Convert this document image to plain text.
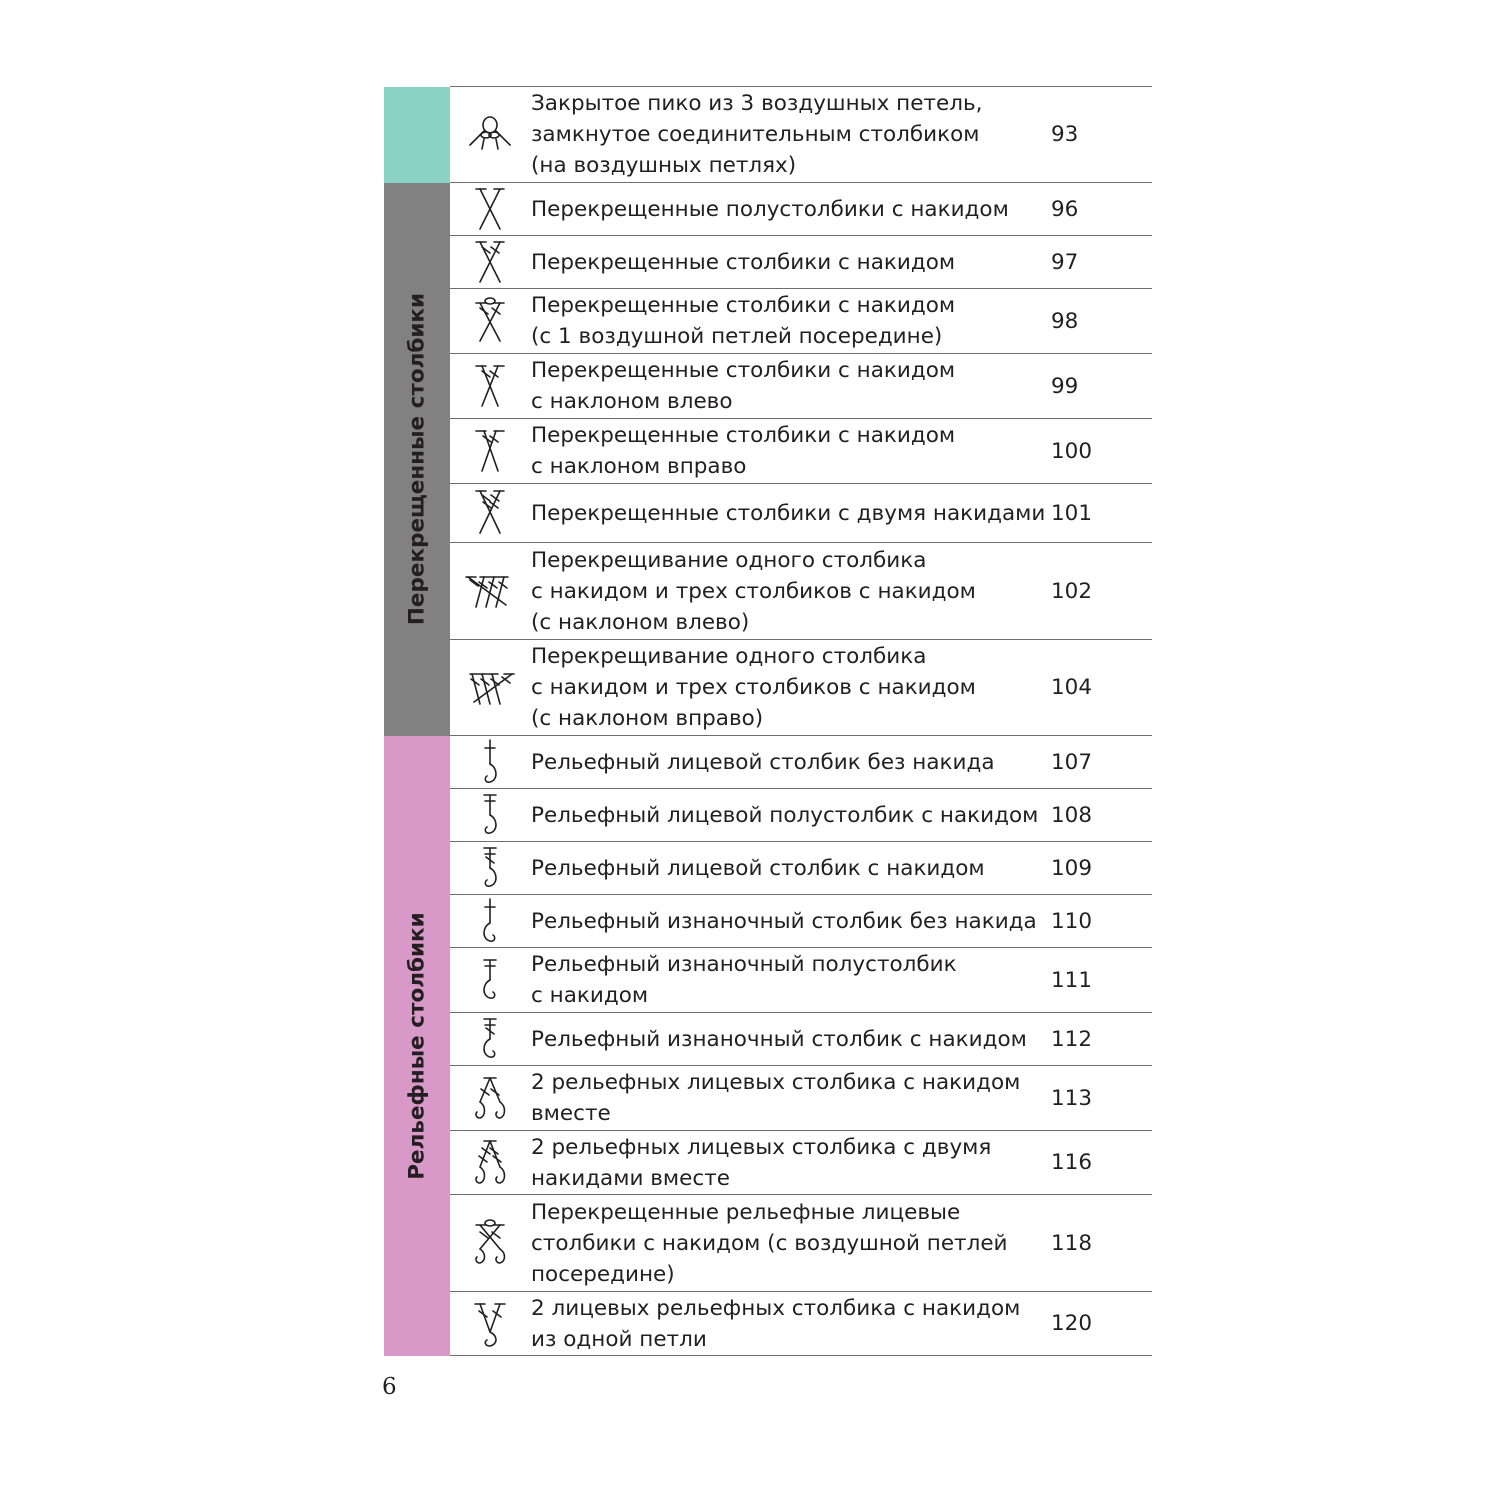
Закрытое пико из 3 воздушных петель,
замкнутое соединительным столбиком
(на воздушных петлях)	93

Перекрещенные столбики		Перекрещенные полустолбики с накидом	96

Перекрещенные столбики с накидом	97

Перекрещенные столбики с накидом
(с 1 воздушной петлей посередине)	98

Перекрещенные столбики с накидом
с наклоном влево	99

Перекрещенные столбики с накидом
с наклоном вправо	100

Перекрещенные столбики с двумя накидами	101

Перекрещивание одного столбика
с накидом и трех столбиков с накидом
(с наклоном влево)	102

Перекрещивание одного столбика
с накидом и трех столбиков с накидом
(с наклоном вправо)	104

Рельефные столбики		Рельефный лицевой столбик без накида	107

Рельефный лицевой полустолбик с накидом	108

Рельефный лицевой столбик с накидом	109

Рельефный изнаночный столбик без накида	110

Рельефный изнаночный полустолбик
с накидом	111

Рельефный изнаночный столбик с накидом	112

2 рельефных лицевых столбика с накидом
вместе	113

2 рельефных лицевых столбика с двумя
накидами вместе	116

Перекрещенные рельефные лицевые
столбики с накидом (с воздушной петлей
посередине)	118

2 лицевых рельефных столбика с накидом
из одной петли	120
6
